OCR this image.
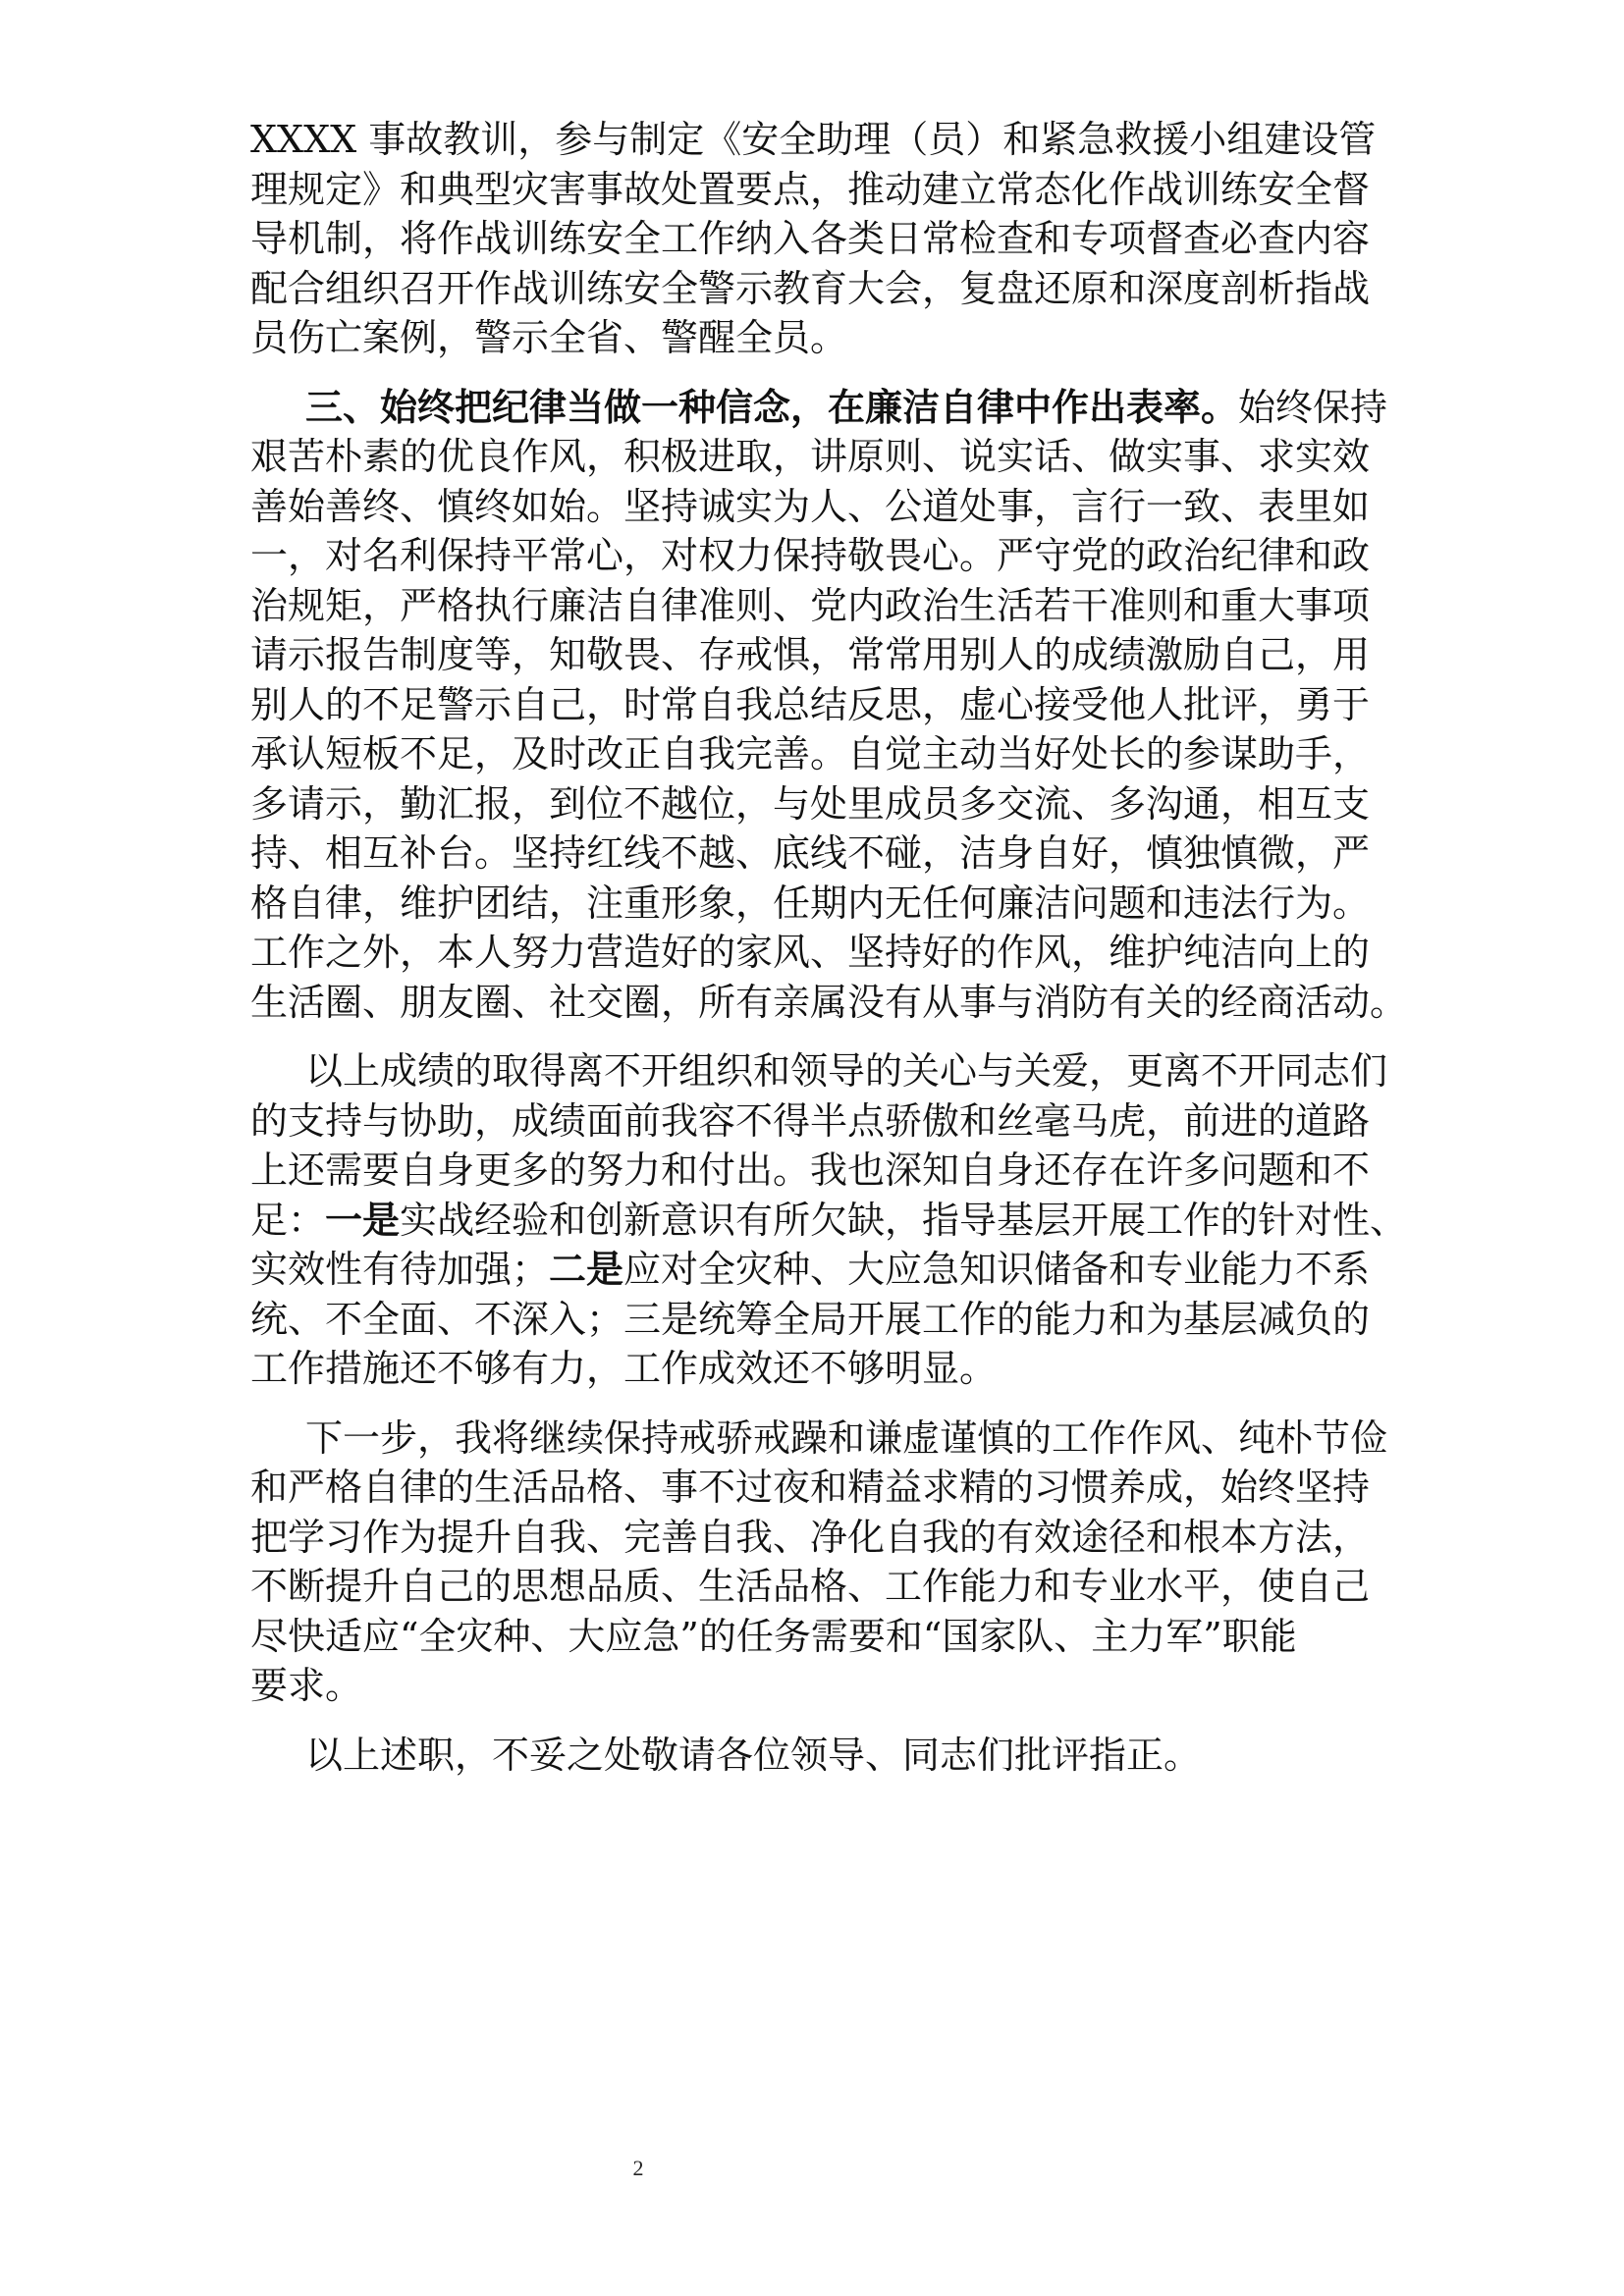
XXXX 事故教训，参与制定《安全助理（员）和紧急救援小组建设管
理规定》和典型灾害事故处置要点，推动建立常态化作战训练安全督
导机制，将作战训练安全工作纳入各类日常检查和专项督查必查内容
配合组织召开作战训练安全警示教育大会，复盘还原和深度剖析指战
员伤亡案例，警示全省、警醒全员。
三、始终把纪律当做一种信念，在廉洁自律中作出表率。始终保持
艰苦朴素的优良作风，积极进取，讲原则、说实话、做实事、求实效
善始善终、慎终如始。坚持诚实为人、公道处事，言行一致、表里如
一，对名利保持平常心，对权力保持敬畏心。严守党的政治纪律和政
治规矩，严格执行廉洁自律准则、党内政治生活若干准则和重大事项
请示报告制度等，知敬畏、存戒惧，常常用别人的成绩激励自己，用
别人的不足警示自己，时常自我总结反思，虚心接受他人批评，勇于
承认短板不足，及时改正自我完善。自觉主动当好处长的参谋助手，
多请示，勤汇报，到位不越位，与处里成员多交流、多沟通，相互支
持、相互补台。坚持红线不越、底线不碰，洁身自好，慎独慎微，严
格自律，维护团结，注重形象，任期内无任何廉洁问题和违法行为。
工作之外，本人努力营造好的家风、坚持好的作风，维护纯洁向上的
生活圈、朋友圈、社交圈，所有亲属没有从事与消防有关的经商活动。
以上成绩的取得离不开组织和领导的关心与关爱，更离不开同志们
的支持与协助，成绩面前我容不得半点骄傲和丝毫马虎，前进的道路
上还需要自身更多的努力和付出。我也深知自身还存在许多问题和不
足：一是实战经验和创新意识有所欠缺，指导基层开展工作的针对性、
实效性有待加强；二是应对全灾种、大应急知识储备和专业能力不系
统、不全面、不深入；三是统筹全局开展工作的能力和为基层减负的
工作措施还不够有力，工作成效还不够明显。
下一步，我将继续保持戒骄戒躁和谦虚谨慎的工作作风、纯朴节俭
和严格自律的生活品格、事不过夜和精益求精的习惯养成，始终坚持
把学习作为提升自我、完善自我、净化自我的有效途径和根本方法，
不断提升自己的思想品质、生活品格、工作能力和专业水平，使自己
尽快适应“全灾种、大应急”的任务需要和“国家队、主力军”职能
要求。
以上述职，不妥之处敬请各位领导、同志们批评指正。
2
